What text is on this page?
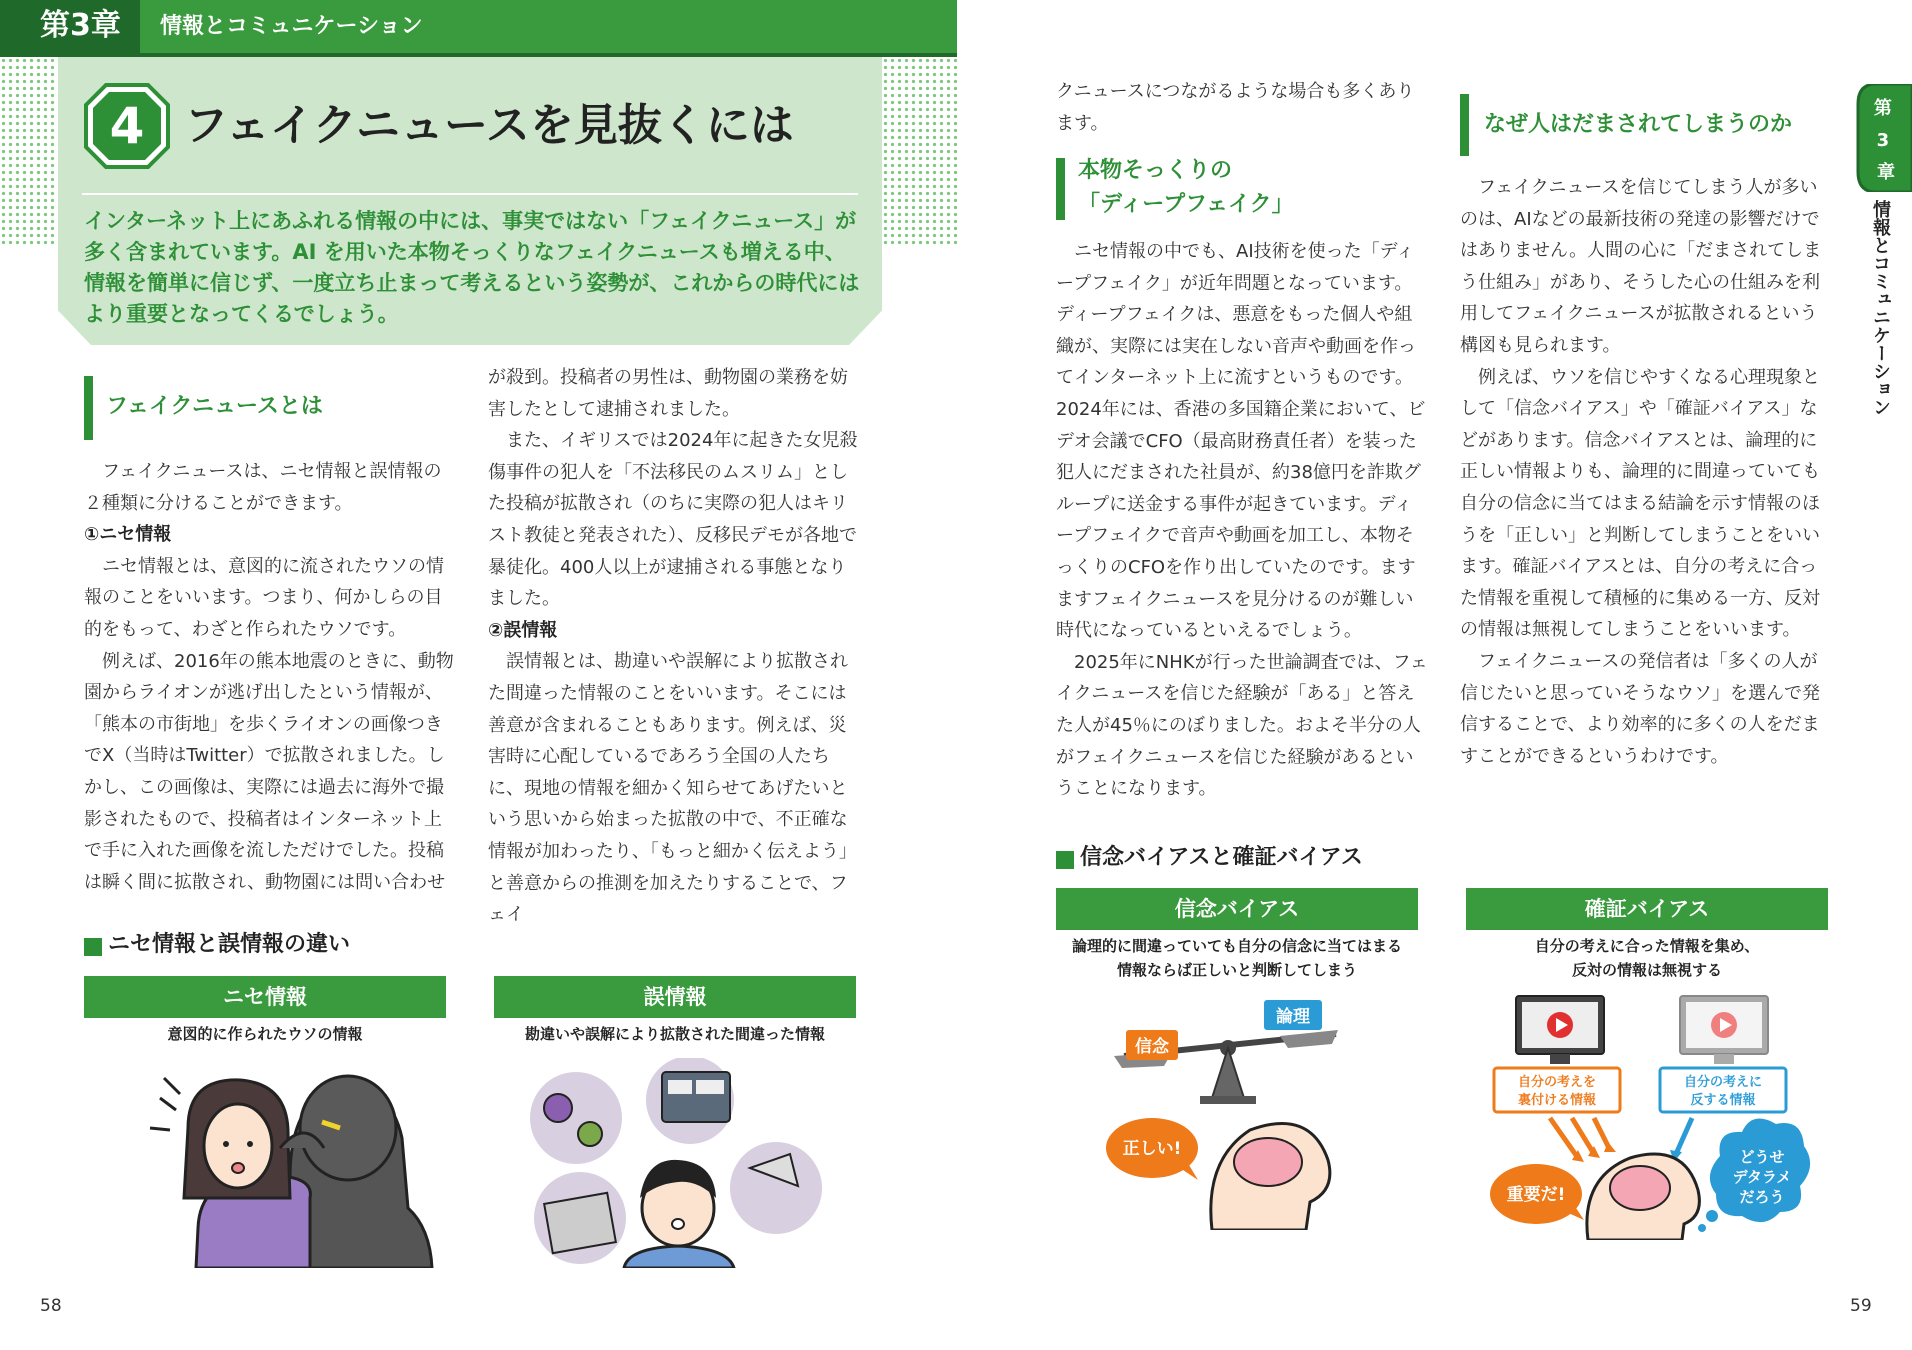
第3章 情報とコミュニケーション
4 フェイクニュースを見抜くには
インターネット上にあふれる情報の中には、事実ではない「フェイクニュース」が多く含まれています。AI を用いた本物そっくりなフェイクニュースも増える中、情報を簡単に信じず、一度立ち止まって考えるという姿勢が、これからの時代にはより重要となってくるでしょう。
フェイクニュースとは

フェイクニュースは、ニセ情報と誤情報の２種類に分けることができます。

①ニセ情報

ニセ情報とは、意図的に流されたウソの情報のことをいいます。つまり、何かしらの目的をもって、わざと作られたウソです。

例えば、2016年の熊本地震のときに、動物園からライオンが逃げ出したという情報が、「熊本の市街地」を歩くライオンの画像つきでX（当時はTwitter）で拡散されました。しかし、この画像は、実際には過去に海外で撮影されたもので、投稿者はインターネット上で手に入れた画像を流しただけでした。投稿は瞬く間に拡散され、動物園には問い合わせ

が殺到。投稿者の男性は、動物園の業務を妨害したとして逮捕されました。

また、イギリスでは2024年に起きた女児殺傷事件の犯人を「不法移民のムスリム」とした投稿が拡散され（のちに実際の犯人はキリスト教徒と発表された）、反移民デモが各地で暴徒化。400人以上が逮捕される事態となりました。

②誤情報

誤情報とは、勘違いや誤解により拡散された間違った情報のことをいいます。そこには善意が含まれることもあります。例えば、災害時に心配しているであろう全国の人たちに、現地の情報を細かく知らせてあげたいという思いから始まった拡散の中で、不正確な情報が加わったり、「もっと細かく伝えよう」と善意からの推測を加えたりすることで、フェイ

ニセ情報と誤情報の違い
ニセ情報	誤情報
意図的に作られたウソの情報	勘違いや誤解により拡散された間違った情報

クニュースにつながるような場合も多くあります。

本物そっくりの
「ディープフェイク」

ニセ情報の中でも、AI技術を使った「ディープフェイク」が近年問題となっています。ディープフェイクは、悪意をもった個人や組織が、実際には実在しない音声や動画を作ってインターネット上に流すというものです。2024年には、香港の多国籍企業において、ビデオ会議でCFO（最高財務責任者）を装った犯人にだまされた社員が、約38億円を詐欺グループに送金する事件が起きています。ディープフェイクで音声や動画を加工し、本物そっくりのCFOを作り出していたのです。ますますフェイクニュースを見分けるのが難しい時代になっているといえるでしょう。

2025年にNHKが行った世論調査では、フェイクニュースを信じた経験が「ある」と答えた人が45％にのぼりました。およそ半分の人がフェイクニュースを信じた経験があるということになります。

なぜ人はだまされてしまうのか

フェイクニュースを信じてしまう人が多いのは、AIなどの最新技術の発達の影響だけではありません。人間の心に「だまされてしまう仕組み」があり、そうした心の仕組みを利用してフェイクニュースが拡散されるという構図も見られます。

例えば、ウソを信じやすくなる心理現象として「信念バイアス」や「確証バイアス」などがあります。信念バイアスとは、論理的に正しい情報よりも、論理的に間違っていても自分の信念に当てはまる結論を示す情報のほうを「正しい」と判断してしまうことをいいます。確証バイアスとは、自分の考えに合った情報を重視して積極的に集める一方、反対の情報は無視してしまうことをいいます。

フェイクニュースの発信者は「多くの人が信じたいと思っていそうなウソ」を選んで発信することで、より効率的に多くの人をだますことができるというわけです。

信念バイアスと確証バイアス
信念バイアス	確証バイアス
論理的に間違っていても自分の信念に当てはまる
情報ならば正しいと判断してしまう
自分の考えに合った情報を集め、
反対の情報は無視する
信念
論理
正しい!
自分の考えを
裏付ける情報
自分の考えに
反する情報
重要だ!
どうせ
デタラメ
だろう
第 3 章
情報とコミュニケーション
58	59
